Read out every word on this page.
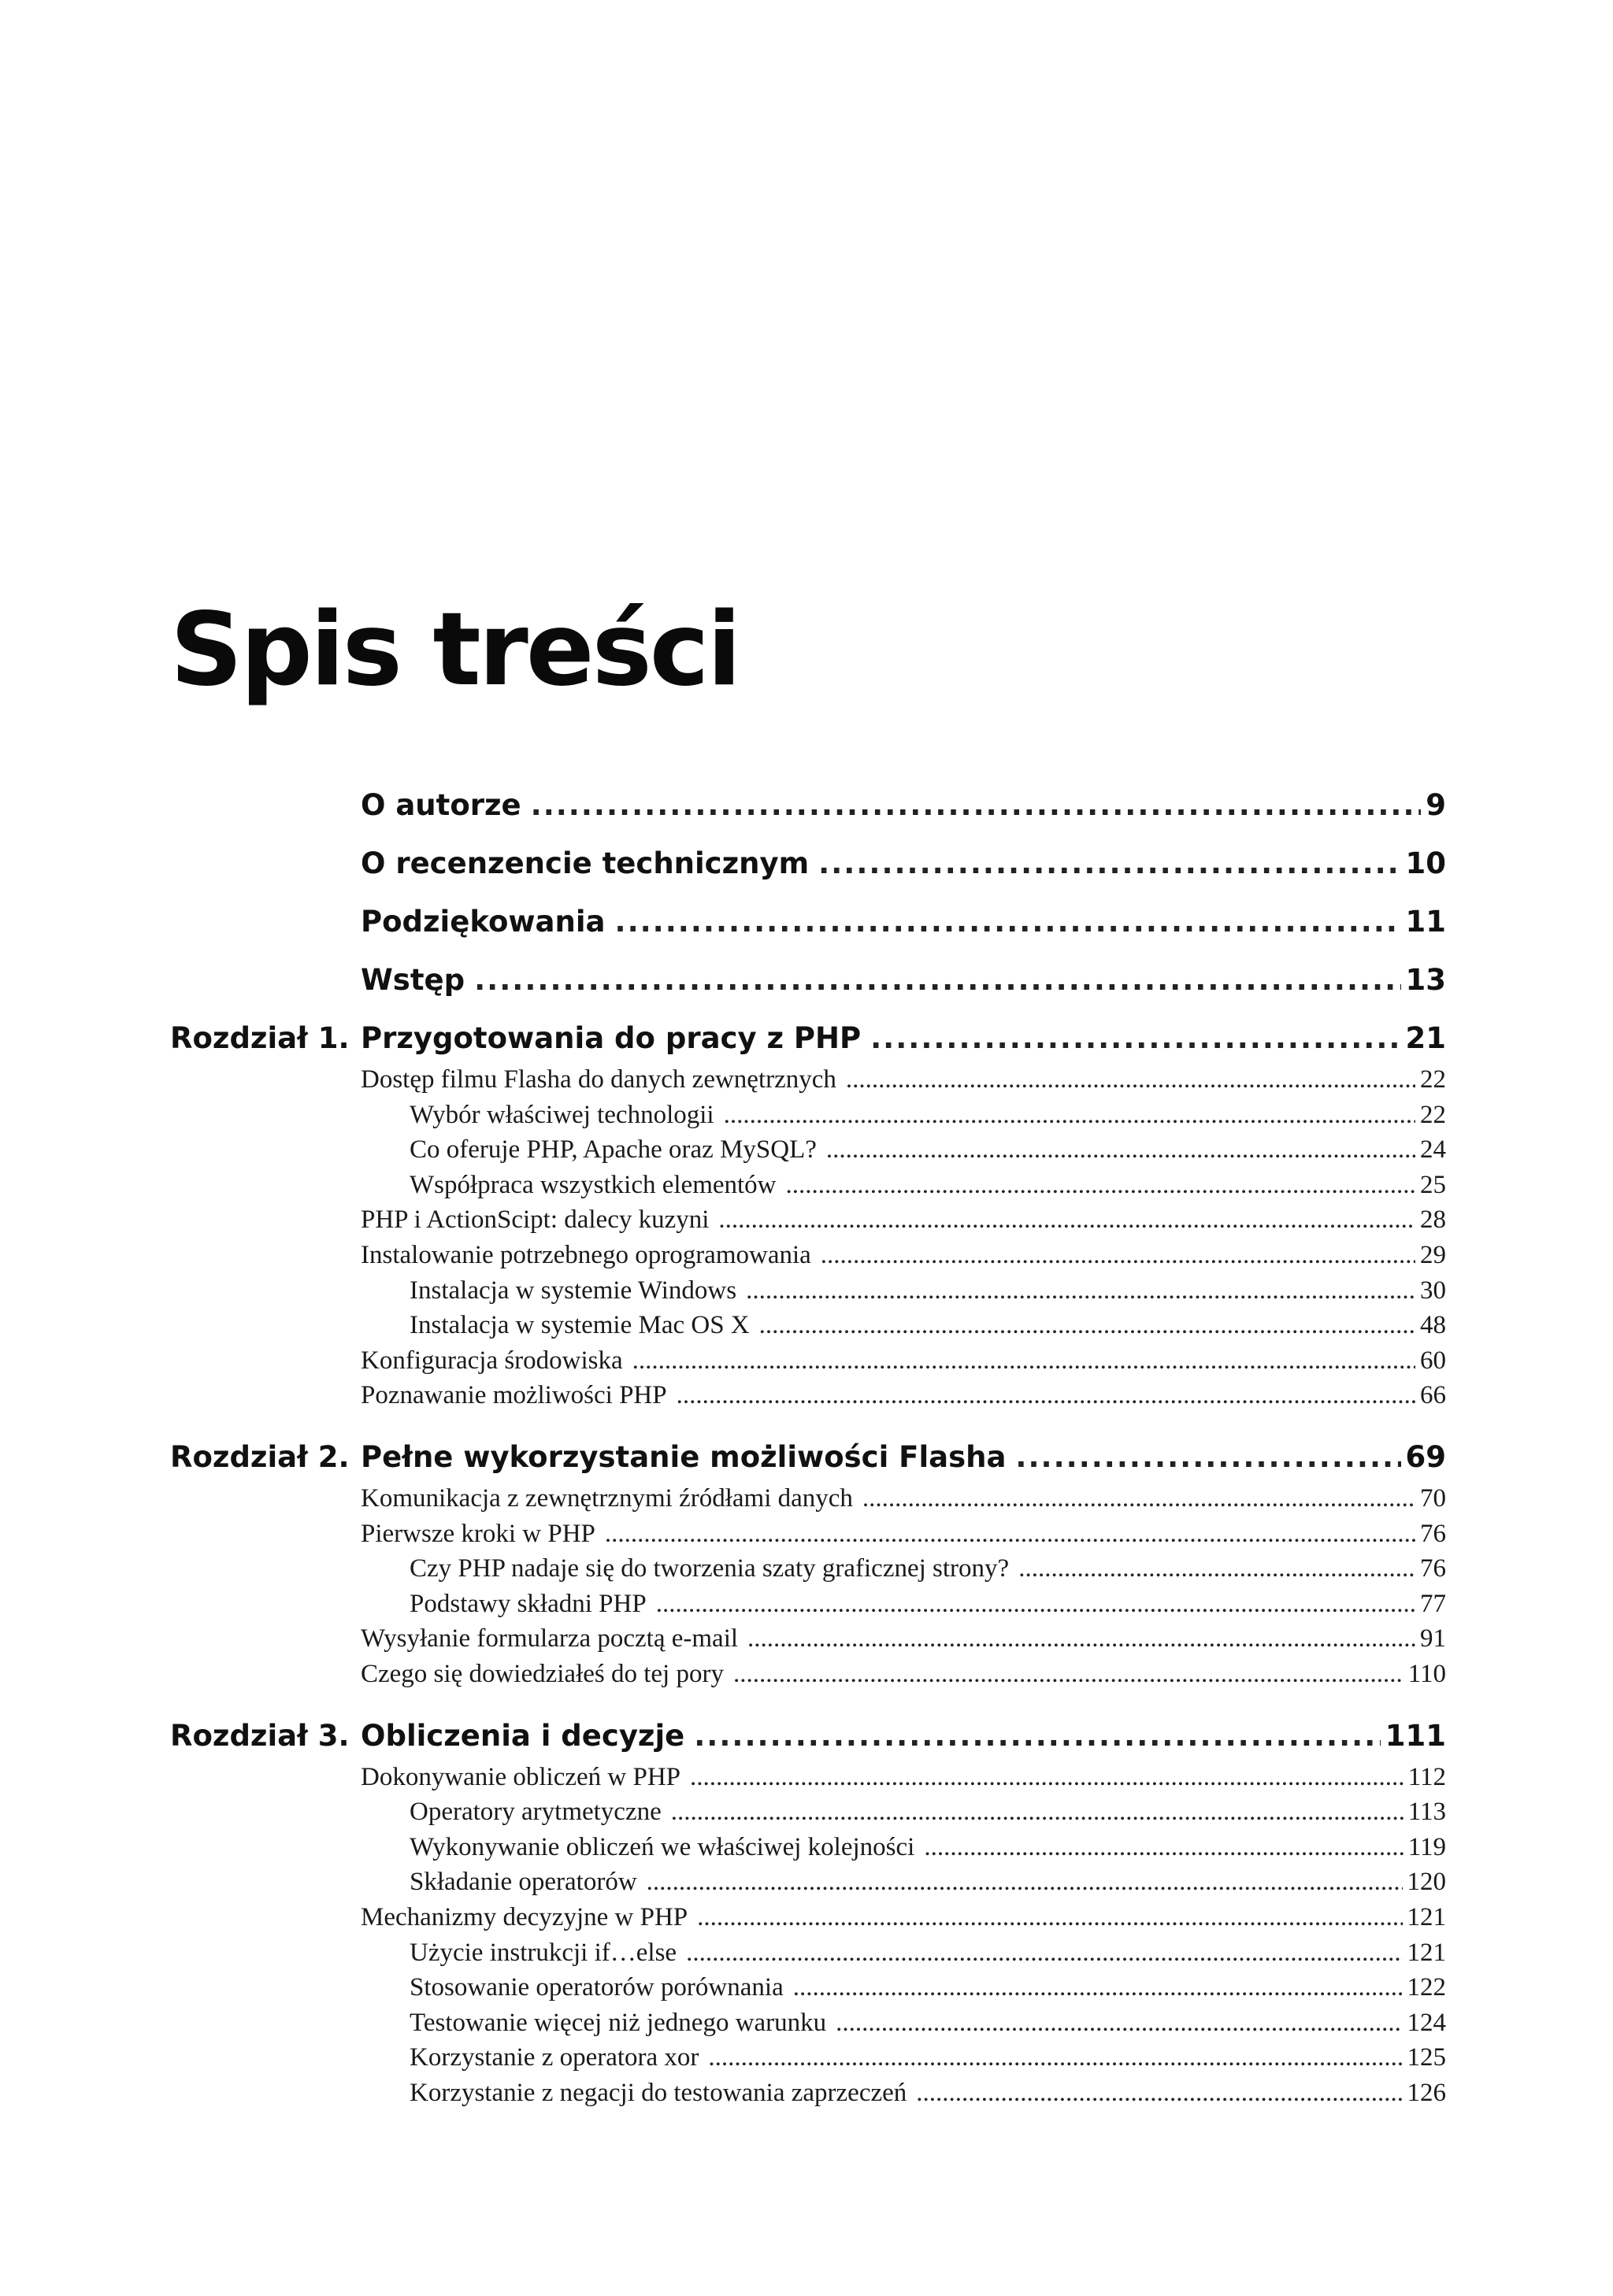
Spis treści
O autorze .....	9
O recenzencie technicznym .....	10
Podziękowania .....	11
Wstęp .....	13
Rozdział 1. Przygotowania do pracy z PHP .....	21
Dostęp filmu Flasha do danych zewnętrznych .....	22
Wybór właściwej technologii .....	22
Co oferuje PHP, Apache oraz MySQL? .....	24
Współpraca wszystkich elementów .....	25
PHP i ActionScipt: dalecy kuzyni .....	28
Instalowanie potrzebnego oprogramowania .....	29
Instalacja w systemie Windows .....	30
Instalacja w systemie Mac OS X .....	48
Konfiguracja środowiska .....	60
Poznawanie możliwości PHP .....	66
Rozdział 2. Pełne wykorzystanie możliwości Flasha .....	69
Komunikacja z zewnętrznymi źródłami danych .....	70
Pierwsze kroki w PHP .....	76
Czy PHP nadaje się do tworzenia szaty graficznej strony? .....	76
Podstawy składni PHP .....	77
Wysyłanie formularza pocztą e-mail .....	91
Czego się dowiedziałeś do tej pory .....	110
Rozdział 3. Obliczenia i decyzje .....	111
Dokonywanie obliczeń w PHP .....	112
Operatory arytmetyczne .....	113
Wykonywanie obliczeń we właściwej kolejności .....	119
Składanie operatorów .....	120
Mechanizmy decyzyjne w PHP .....	121
Użycie instrukcji if…else .....	121
Stosowanie operatorów porównania .....	122
Testowanie więcej niż jednego warunku .....	124
Korzystanie z operatora xor .....	125
Korzystanie z negacji do testowania zaprzeczeń .....	126
